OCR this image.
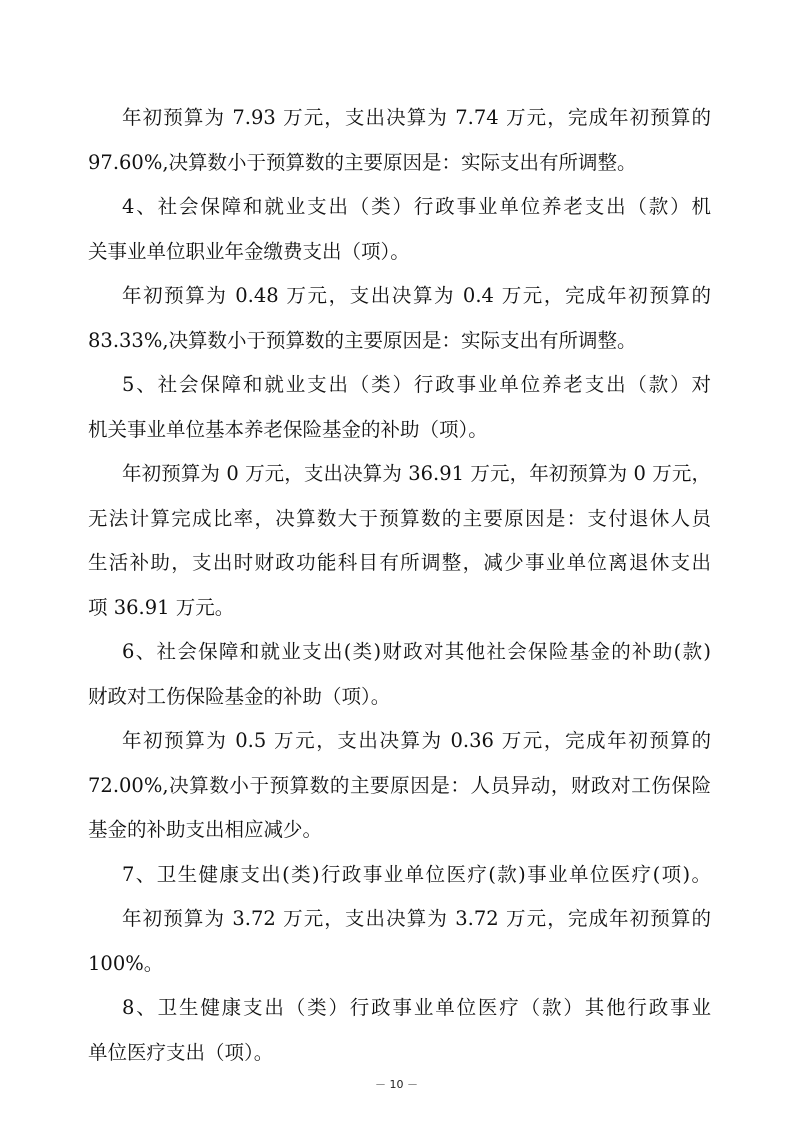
年初预算为 7.93 万元，支出决算为 7.74 万元，完成年初预算的
97.60%,决算数小于预算数的主要原因是：实际支出有所调整。
4、社会保障和就业支出（类）行政事业单位养老支出（款）机
关事业单位职业年金缴费支出（项）。
年初预算为 0.48 万元，支出决算为 0.4 万元，完成年初预算的
83.33%,决算数小于预算数的主要原因是：实际支出有所调整。
5、社会保障和就业支出（类）行政事业单位养老支出（款）对
机关事业单位基本养老保险基金的补助（项）。
年初预算为 0 万元，支出决算为 36.91 万元，年初预算为 0 万元，
无法计算完成比率，决算数大于预算数的主要原因是：支付退休人员
生活补助，支出时财政功能科目有所调整，减少事业单位离退休支出
项 36.91 万元。
6、社会保障和就业支出(类)财政对其他社会保险基金的补助(款)
财政对工伤保险基金的补助（项）。
年初预算为 0.5 万元，支出决算为 0.36 万元，完成年初预算的
72.00%,决算数小于预算数的主要原因是：人员异动，财政对工伤保险
基金的补助支出相应减少。
7、卫生健康支出(类)行政事业单位医疗(款)事业单位医疗(项)。
年初预算为 3.72 万元，支出决算为 3.72 万元，完成年初预算的
100%。
8、卫生健康支出（类）行政事业单位医疗（款）其他行政事业
单位医疗支出（项）。
－ 10 －
